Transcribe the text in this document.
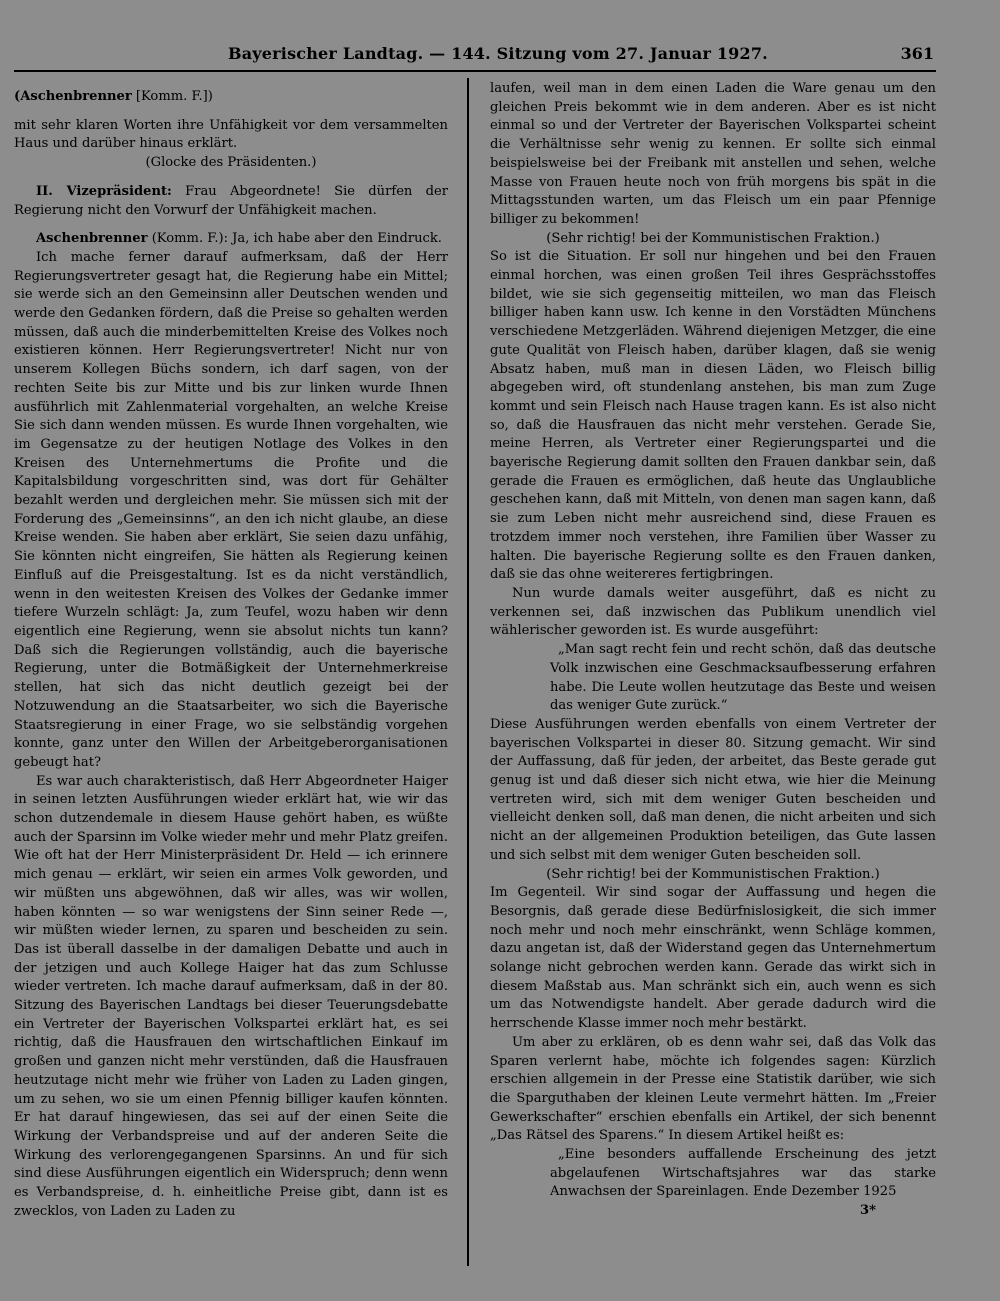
Bayerischer Landtag. — 144. Sitzung vom 27. Januar 1927.	361

(Aschenbrenner [Komm. F.])

mit sehr klaren Worten ihre Unfähigkeit vor dem versammelten Haus und darüber hinaus erklärt.

(Glocke des Präsidenten.)

II. Vizepräsident: Frau Abgeordnete! Sie dürfen der Regierung nicht den Vorwurf der Unfähigkeit machen.

Aschenbrenner (Komm. F.): Ja, ich habe aber den Eindruck.

Ich mache ferner darauf aufmerksam, daß der Herr Regierungsvertreter gesagt hat, die Regierung habe ein Mittel; sie werde sich an den Gemeinsinn aller Deutschen wenden und werde den Gedanken fördern, daß die Preise so gehalten werden müssen, daß auch die minderbemittelten Kreise des Volkes noch existieren können. Herr Regierungsvertreter! Nicht nur von unserem Kollegen Büchs sondern, ich darf sagen, von der rechten Seite bis zur Mitte und bis zur linken wurde Ihnen ausführlich mit Zahlenmaterial vorgehalten, an welche Kreise Sie sich dann wenden müssen. Es wurde Ihnen vorgehalten, wie im Gegensatze zu der heutigen Notlage des Volkes in den Kreisen des Unternehmertums die Profite und die Kapitalsbildung vorgeschritten sind, was dort für Gehälter bezahlt werden und dergleichen mehr. Sie müssen sich mit der Forderung des „Gemeinsinns“, an den ich nicht glaube, an diese Kreise wenden. Sie haben aber erklärt, Sie seien dazu unfähig, Sie könnten nicht eingreifen, Sie hätten als Regierung keinen Einfluß auf die Preisgestaltung. Ist es da nicht verständlich, wenn in den weitesten Kreisen des Volkes der Gedanke immer tiefere Wurzeln schlägt: Ja, zum Teufel, wozu haben wir denn eigentlich eine Regierung, wenn sie absolut nichts tun kann? Daß sich die Regierungen vollständig, auch die bayerische Regierung, unter die Botmäßigkeit der Unternehmerkreise stellen, hat sich das nicht deutlich gezeigt bei der Notzuwendung an die Staatsarbeiter, wo sich die Bayerische Staatsregierung in einer Frage, wo sie selbständig vorgehen konnte, ganz unter den Willen der Arbeitgeberorganisationen gebeugt hat?

Es war auch charakteristisch, daß Herr Abgeordneter Haiger in seinen letzten Ausführungen wieder erklärt hat, wie wir das schon dutzendemale in diesem Hause gehört haben, es wüßte auch der Sparsinn im Volke wieder mehr und mehr Platz greifen. Wie oft hat der Herr Ministerpräsident Dr. Held — ich erinnere mich genau — erklärt, wir seien ein armes Volk geworden, und wir müßten uns abgewöhnen, daß wir alles, was wir wollen, haben könnten — so war wenigstens der Sinn seiner Rede —, wir müßten wieder lernen, zu sparen und bescheiden zu sein. Das ist überall dasselbe in der damaligen Debatte und auch in der jetzigen und auch Kollege Haiger hat das zum Schlusse wieder vertreten. Ich mache darauf aufmerksam, daß in der 80. Sitzung des Bayerischen Landtags bei dieser Teuerungsdebatte ein Vertreter der Bayerischen Volkspartei erklärt hat, es sei richtig, daß die Hausfrauen den wirtschaftlichen Einkauf im großen und ganzen nicht mehr verstünden, daß die Hausfrauen heutzutage nicht mehr wie früher von Laden zu Laden gingen, um zu sehen, wo sie um einen Pfennig billiger kaufen könnten. Er hat darauf hingewiesen, das sei auf der einen Seite die Wirkung der Verbandspreise und auf der anderen Seite die Wirkung des verlorengegangenen Sparsinns. An und für sich sind diese Ausführungen eigentlich ein Widerspruch; denn wenn es Verbandspreise, d. h. einheitliche Preise gibt, dann ist es zwecklos, von Laden zu Laden zu

laufen, weil man in dem einen Laden die Ware genau um den gleichen Preis bekommt wie in dem anderen. Aber es ist nicht einmal so und der Vertreter der Bayerischen Volkspartei scheint die Verhältnisse sehr wenig zu kennen. Er sollte sich einmal beispielsweise bei der Freibank mit anstellen und sehen, welche Masse von Frauen heute noch von früh morgens bis spät in die Mittagsstunden warten, um das Fleisch um ein paar Pfennige billiger zu bekommen!

(Sehr richtig! bei der Kommunistischen Fraktion.)

So ist die Situation. Er soll nur hingehen und bei den Frauen einmal horchen, was einen großen Teil ihres Gesprächsstoffes bildet, wie sie sich gegenseitig mitteilen, wo man das Fleisch billiger haben kann usw. Ich kenne in den Vorstädten Münchens verschiedene Metzgerläden. Während diejenigen Metzger, die eine gute Qualität von Fleisch haben, darüber klagen, daß sie wenig Absatz haben, muß man in diesen Läden, wo Fleisch billig abgegeben wird, oft stundenlang anstehen, bis man zum Zuge kommt und sein Fleisch nach Hause tragen kann. Es ist also nicht so, daß die Hausfrauen das nicht mehr verstehen. Gerade Sie, meine Herren, als Vertreter einer Regierungspartei und die bayerische Regierung damit sollten den Frauen dankbar sein, daß gerade die Frauen es ermöglichen, daß heute das Unglaubliche geschehen kann, daß mit Mitteln, von denen man sagen kann, daß sie zum Leben nicht mehr ausreichend sind, diese Frauen es trotzdem immer noch verstehen, ihre Familien über Wasser zu halten. Die bayerische Regierung sollte es den Frauen danken, daß sie das ohne weitereres fertigbringen.

Nun wurde damals weiter ausgeführt, daß es nicht zu verkennen sei, daß inzwischen das Publikum unendlich viel wählerischer geworden ist. Es wurde ausgeführt:

„Man sagt recht fein und recht schön, daß das deutsche Volk inzwischen eine Geschmacksaufbesserung erfahren habe. Die Leute wollen heutzutage das Beste und weisen das weniger Gute zurück.“

Diese Ausführungen werden ebenfalls von einem Vertreter der bayerischen Volkspartei in dieser 80. Sitzung gemacht. Wir sind der Auffassung, daß für jeden, der arbeitet, das Beste gerade gut genug ist und daß dieser sich nicht etwa, wie hier die Meinung vertreten wird, sich mit dem weniger Guten bescheiden und vielleicht denken soll, daß man denen, die nicht arbeiten und sich nicht an der allgemeinen Produktion beteiligen, das Gute lassen und sich selbst mit dem weniger Guten bescheiden soll.

(Sehr richtig! bei der Kommunistischen Fraktion.)

Im Gegenteil. Wir sind sogar der Auffassung und hegen die Besorgnis, daß gerade diese Bedürfnislosigkeit, die sich immer noch mehr und noch mehr einschränkt, wenn Schläge kommen, dazu angetan ist, daß der Widerstand gegen das Unternehmertum solange nicht gebrochen werden kann. Gerade das wirkt sich in diesem Maßstab aus. Man schränkt sich ein, auch wenn es sich um das Notwendigste handelt. Aber gerade dadurch wird die herrschende Klasse immer noch mehr bestärkt.

Um aber zu erklären, ob es denn wahr sei, daß das Volk das Sparen verlernt habe, möchte ich folgendes sagen: Kürzlich erschien allgemein in der Presse eine Statistik darüber, wie sich die Sparguthaben der kleinen Leute vermehrt hätten. Im „Freier Gewerkschafter“ erschien ebenfalls ein Artikel, der sich benennt „Das Rätsel des Sparens.“ In diesem Artikel heißt es:

„Eine besonders auffallende Erscheinung des jetzt abgelaufenen Wirtschaftsjahres war das starke Anwachsen der Spareinlagen. Ende Dezember 1925

3*
